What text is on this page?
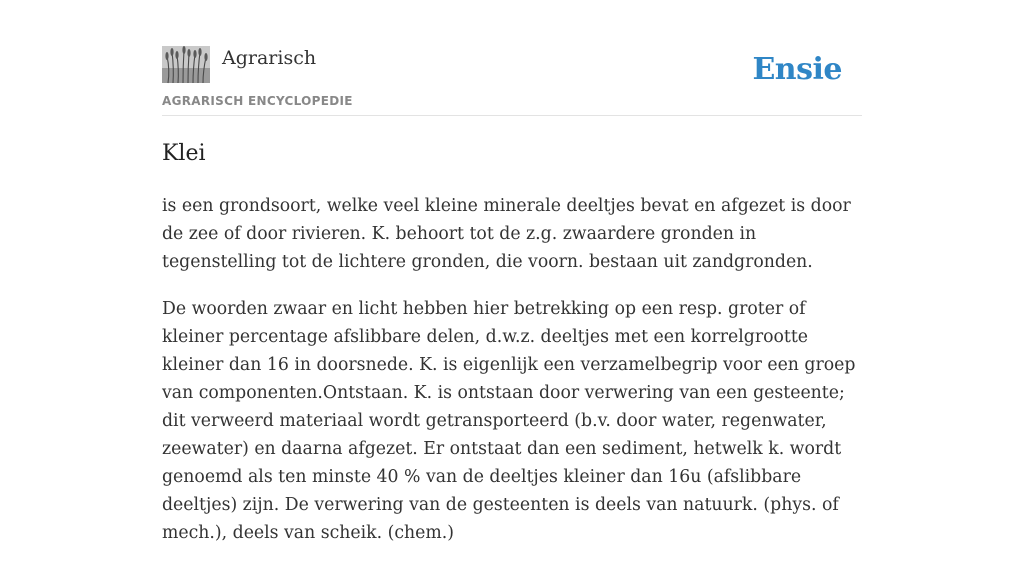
Agrarisch
AGRARISCH ENCYCLOPEDIE
Ensie
Klei

is een grondsoort, welke veel kleine minerale deeltjes bevat en afgezet is door de zee of door rivieren. K. behoort tot de z.g. zwaardere gronden in tegenstelling tot de lichtere gronden, die voorn. bestaan uit zandgronden.

De woorden zwaar en licht hebben hier betrekking op een resp. groter of kleiner percentage afslibbare delen, d.w.z. deeltjes met een korrelgrootte kleiner dan 16 in doorsnede. K. is eigenlijk een verzamelbegrip voor een groep van componenten.Ontstaan. K. is ontstaan door verwering van een gesteente; dit verweerd materiaal wordt getransporteerd (b.v. door water, regenwater, zeewater) en daarna afgezet. Er ontstaat dan een sediment, hetwelk k. wordt genoemd als ten minste 40 % van de deeltjes kleiner dan 16u (afslibbare deeltjes) zijn. De verwering van de gesteenten is deels van natuurk. (phys. of mech.), deels van scheik. (chem.)
